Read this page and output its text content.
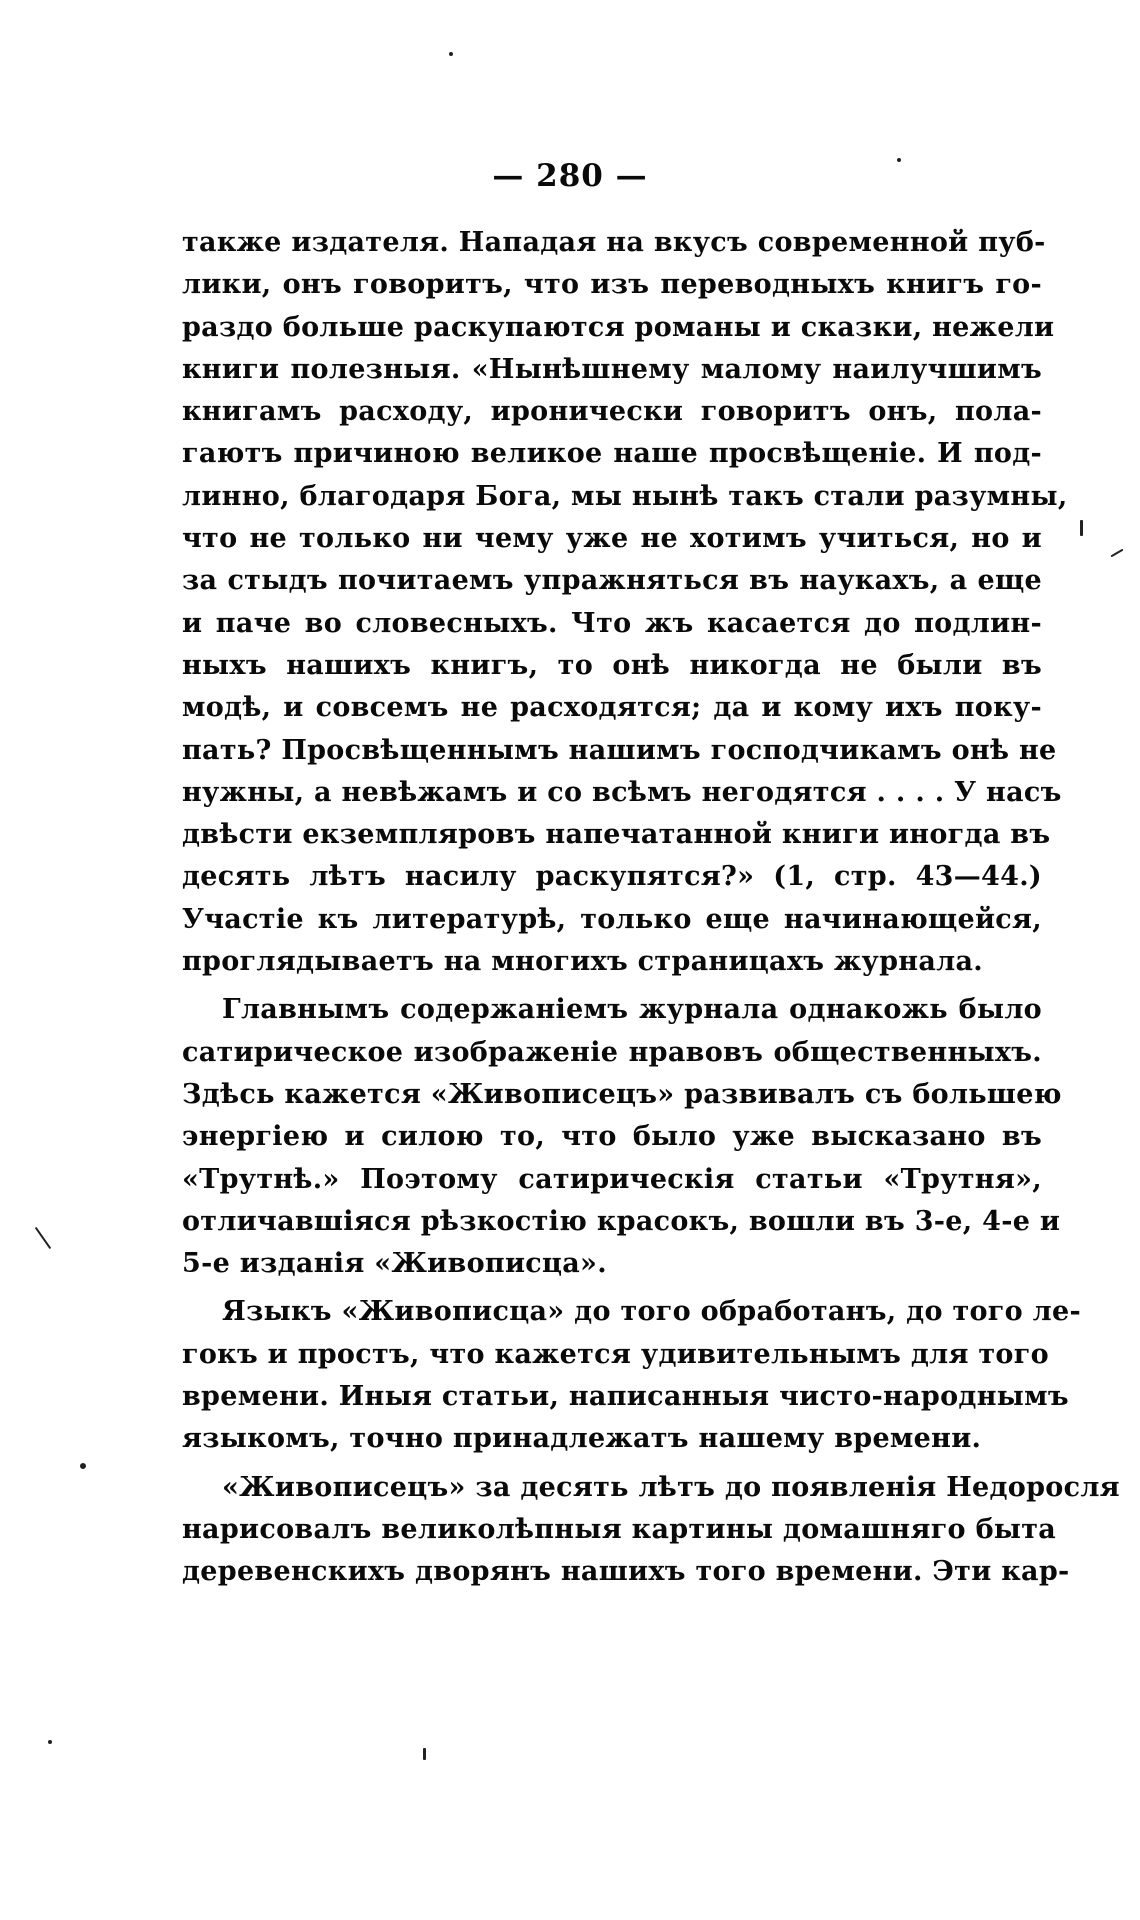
— 280 —
также издателя. Нападая на вкусъ современной пуб-
лики, онъ говоритъ, что изъ переводныхъ книгъ го-
раздо больше раскупаются романы и сказки, нежели
книги полезныя. «Нынѣшнему малому наилучшимъ
книгамъ расходу, иронически говоритъ онъ, пола-
гаютъ причиною великое наше просвѣщеніе. И под-
линно, благодаря Бога, мы нынѣ такъ стали разумны,
что не только ни чему уже не хотимъ учиться, но и
за стыдъ почитаемъ упражняться въ наукахъ, а еще
и паче во словесныхъ. Что жъ касается до подлин-
ныхъ нашихъ книгъ, то онѣ никогда не были въ
модѣ, и совсемъ не расходятся; да и кому ихъ поку-
пать? Просвѣщеннымъ нашимъ господчикамъ онѣ не
нужны, а невѣжамъ и со всѣмъ негодятся . . . . У насъ
двѣсти екземпляровъ напечатанной книги иногда въ
десять лѣтъ насилу раскупятся?» (1, стр. 43—44.)
Участіе къ литературѣ, только еще начинающейся,
проглядываетъ на многихъ страницахъ журнала.
Главнымъ содержаніемъ журнала однакожь было
сатирическое изображеніе нравовъ общественныхъ.
Здѣсь кажется «Живописецъ» развивалъ съ большею
энергіею и силою то, что было уже высказано въ
«Трутнѣ.» Поэтому сатирическія статьи «Трутня»,
отличавшіяся рѣзкостію красокъ, вошли въ 3-е, 4-е и
5-е изданія «Живописца».
Языкъ «Живописца» до того обработанъ, до того ле-
гокъ и простъ, что кажется удивительнымъ для того
времени. Иныя статьи, написанныя чисто-народнымъ
языкомъ, точно принадлежатъ нашему времени.
«Живописецъ» за десять лѣтъ до появленія Недоросля
нарисовалъ великолѣпныя картины домашняго быта
деревенскихъ дворянъ нашихъ того времени. Эти кар-
